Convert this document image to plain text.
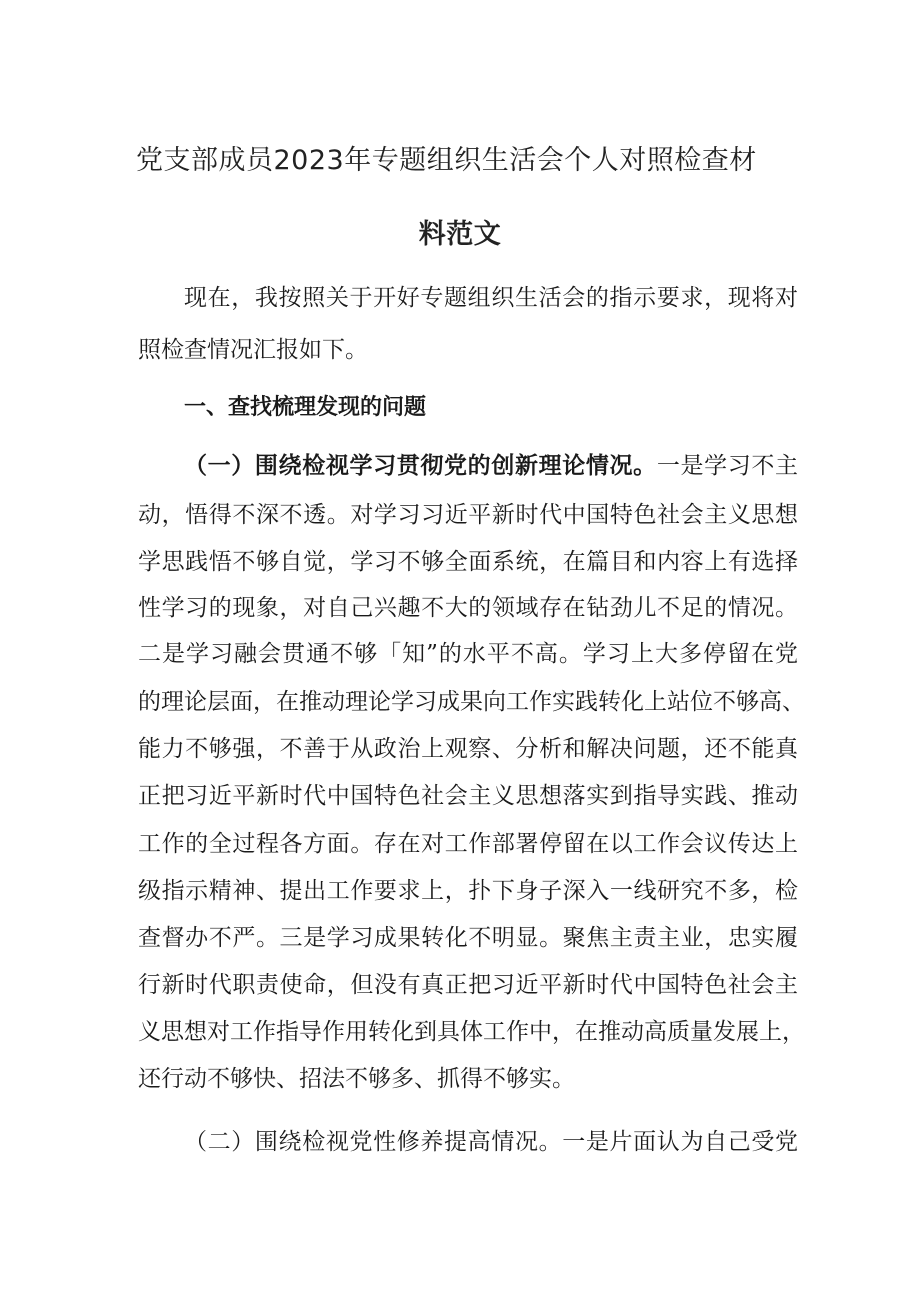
党支部成员2023年专题组织生活会个人对照检查材
料范文
现在，我按照关于开好专题组织生活会的指示要求，现将对
照检查情况汇报如下。
一、查找梳理发现的问题
（一）围绕检视学习贯彻党的创新理论情况。一是学习不主
动，悟得不深不透。对学习习近平新时代中国特色社会主义思想
学思践悟不够自觉，学习不够全面系统，在篇目和内容上有选择
性学习的现象，对自己兴趣不大的领域存在钻劲儿不足的情况。
二是学习融会贯通不够「知”的水平不高。学习上大多停留在党
的理论层面，在推动理论学习成果向工作实践转化上站位不够高、
能力不够强，不善于从政治上观察、分析和解决问题，还不能真
正把习近平新时代中国特色社会主义思想落实到指导实践、推动
工作的全过程各方面。存在对工作部署停留在以工作会议传达上
级指示精神、提出工作要求上，扑下身子深入一线研究不多，检
查督办不严。三是学习成果转化不明显。聚焦主责主业，忠实履
行新时代职责使命，但没有真正把习近平新时代中国特色社会主
义思想对工作指导作用转化到具体工作中，在推动高质量发展上，
还行动不够快、招法不够多、抓得不够实。
（二）围绕检视党性修养提高情况。一是片面认为自己受党
